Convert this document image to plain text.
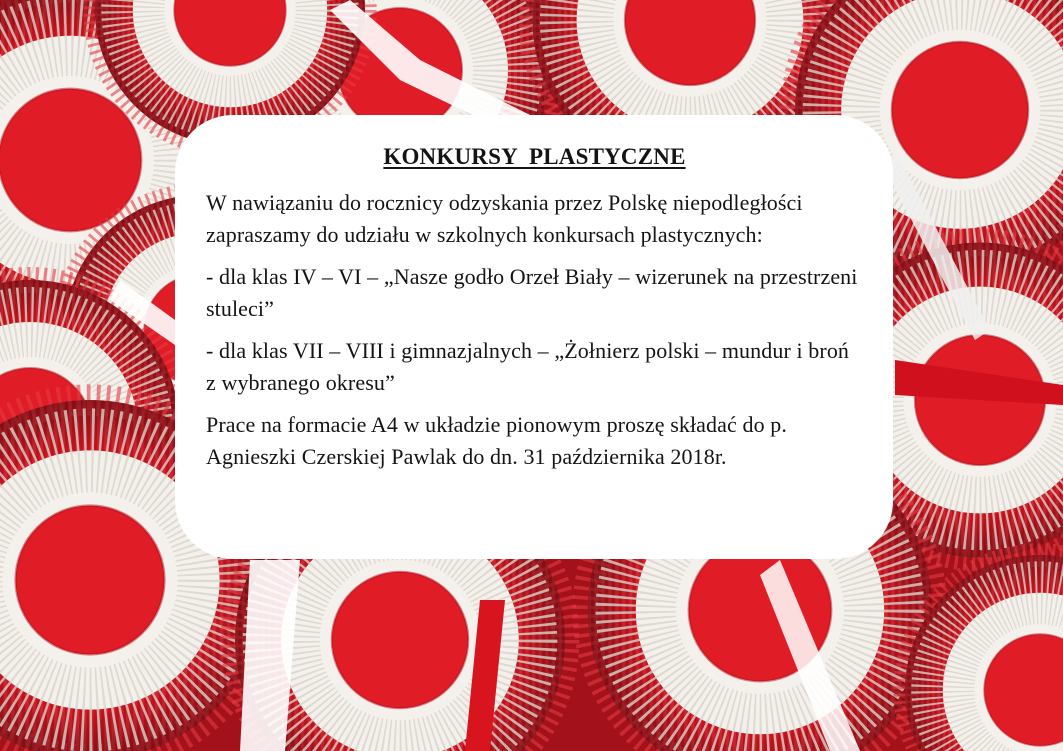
KONKURSY PLASTYCZNE

W nawiązaniu do rocznicy odzyskania przez Polskę niepodległości zapraszamy do udziału w szkolnych konkursach plastycznych:

- dla klas IV – VI – „Nasze godło Orzeł Biały – wizerunek na przestrzeni stuleci”

- dla klas VII – VIII i gimnazjalnych – „Żołnierz polski – mundur i broń z wybranego okresu”

Prace na formacie A4 w układzie pionowym proszę składać do p. Agnieszki Czerskiej Pawlak do dn. 31 października 2018r.
